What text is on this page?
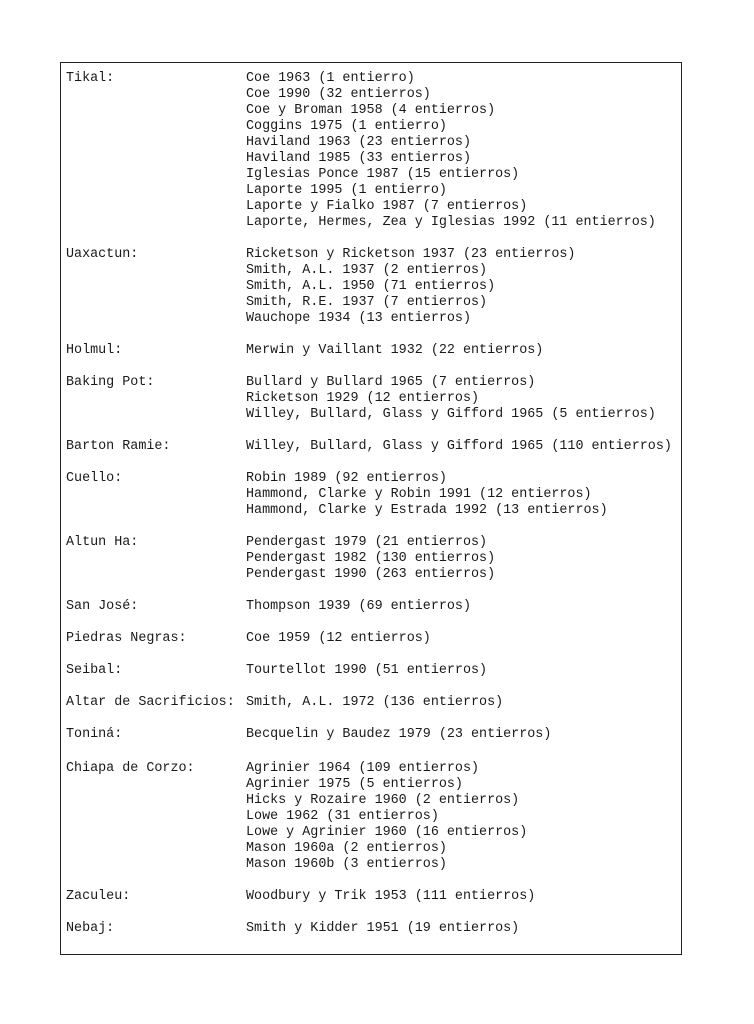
Tikal:	Coe 1963 (1 entierro)
Coe 1990 (32 entierros)
Coe y Broman 1958 (4 entierros)
Coggins 1975 (1 entierro)
Haviland 1963 (23 entierros)
Haviland 1985 (33 entierros)
Iglesias Ponce 1987 (15 entierros)
Laporte 1995 (1 entierro)
Laporte y Fialko 1987 (7 entierros)
Laporte, Hermes, Zea y Iglesias 1992 (11 entierros)
Uaxactun:	Ricketson y Ricketson 1937 (23 entierros)
Smith, A.L. 1937 (2 entierros)
Smith, A.L. 1950 (71 entierros)
Smith, R.E. 1937 (7 entierros)
Wauchope 1934 (13 entierros)
Holmul:	Merwin y Vaillant 1932 (22 entierros)
Baking Pot:	Bullard y Bullard 1965 (7 entierros)
Ricketson 1929 (12 entierros)
Willey, Bullard, Glass y Gifford 1965 (5 entierros)
Barton Ramie:	Willey, Bullard, Glass y Gifford 1965 (110 entierros)
Cuello:	Robin 1989 (92 entierros)
Hammond, Clarke y Robin 1991 (12 entierros)
Hammond, Clarke y Estrada 1992 (13 entierros)
Altun Ha:	Pendergast 1979 (21 entierros)
Pendergast 1982 (130 entierros)
Pendergast 1990 (263 entierros)
San José:	Thompson 1939 (69 entierros)
Piedras Negras:	Coe 1959 (12 entierros)
Seibal:	Tourtellot 1990 (51 entierros)
Altar de Sacrificios: Smith, A.L. 1972 (136 entierros)
Toniná:	Becquelin y Baudez 1979 (23 entierros)
Chiapa de Corzo:	Agrinier 1964 (109 entierros)
Agrinier 1975 (5 entierros)
Hicks y Rozaire 1960 (2 entierros)
Lowe 1962 (31 entierros)
Lowe y Agrinier 1960 (16 entierros)
Mason 1960a (2 entierros)
Mason 1960b (3 entierros)
Zaculeu:	Woodbury y Trik 1953 (111 entierros)
Nebaj:	Smith y Kidder 1951 (19 entierros)
